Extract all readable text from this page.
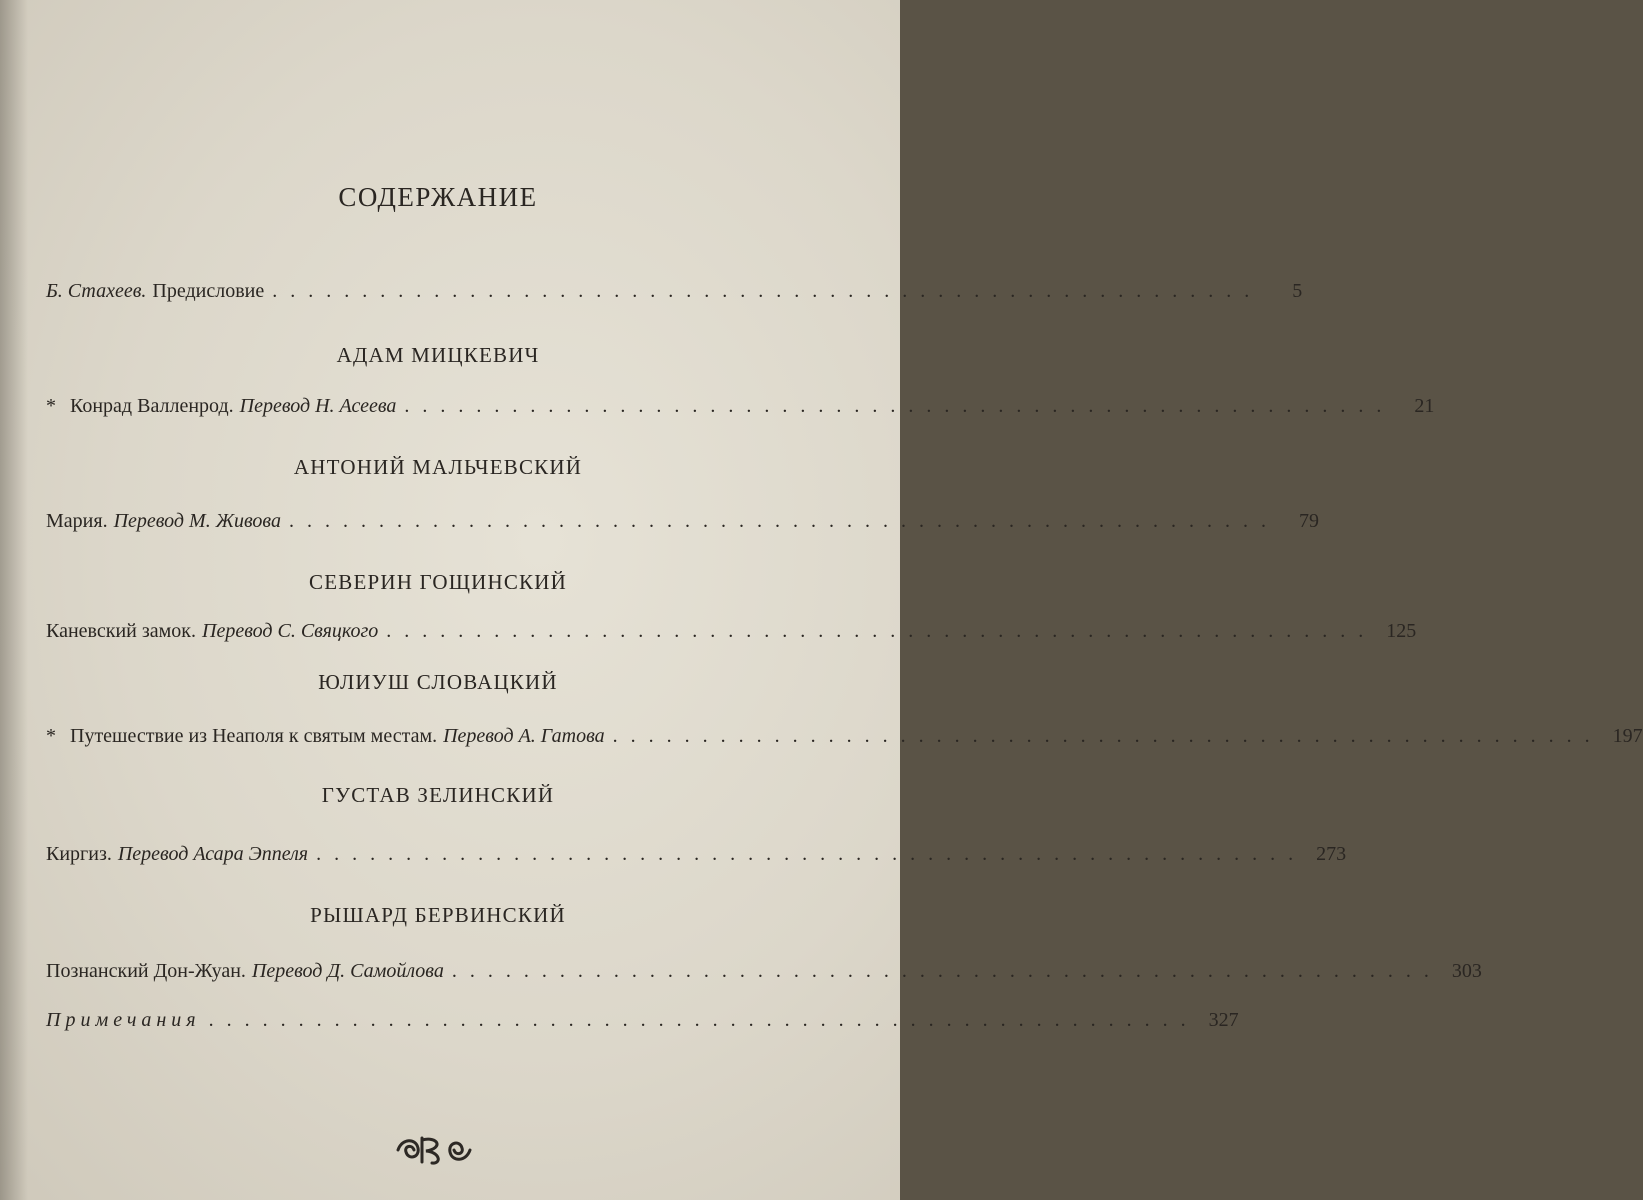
СОДЕРЖАНИЕ
Б. Стахеев. Предисловие .......................................................	5
АДАМ МИЦКЕВИЧ
* Конрад Валленрод. Перевод Н. Асеева .......................................................	21
АНТОНИЙ МАЛЬЧЕВСКИЙ
Мария. Перевод М. Живова .......................................................	79
СЕВЕРИН ГОЩИНСКИЙ
Каневский замок. Перевод С. Свяцкого ....................................................... 125
ЮЛИУШ СЛОВАЦКИЙ
* Путешествие из Неаполя к святым местам. Перевод А. Гатова ....................................................... 197
ГУСТАВ ЗЕЛИНСКИЙ
Киргиз. Перевод Асара Эппеля ....................................................... 273
РЫШАРД БЕРВИНСКИЙ
Познанский Дон-Жуан. Перевод Д. Самойлова ....................................................... 303
Примечания ....................................................... 327
